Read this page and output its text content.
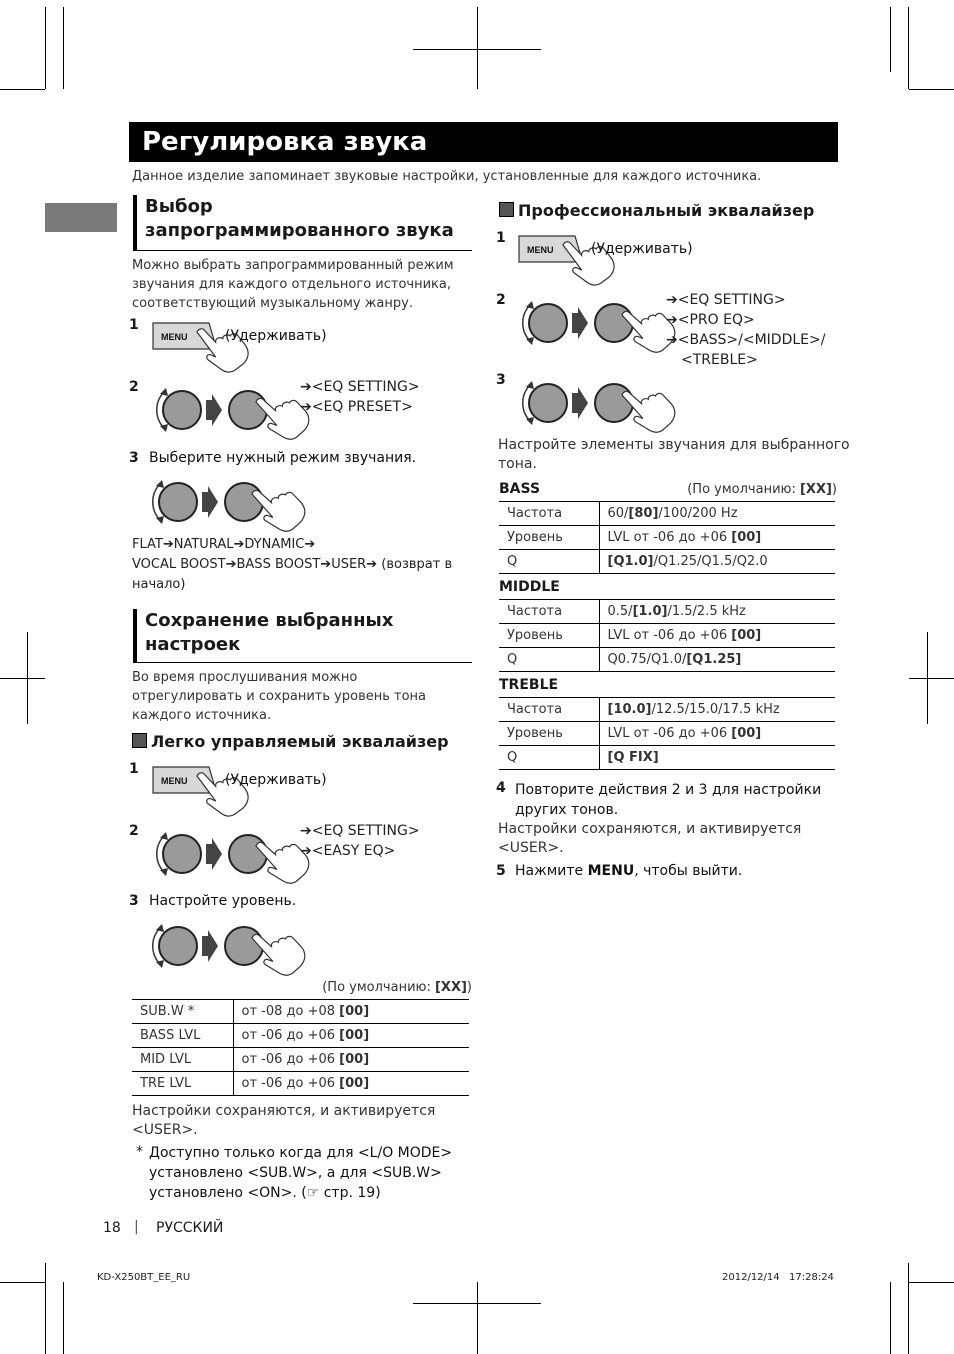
Регулировка звука
Данное изделие запоминает звуковые настройки, установленные для каждого источника.
Выбор
запрограммированного звука
Можно выбрать запрограммированный режим
звучания для каждого отдельного источника,
соответствующий музыкальному жанру.
1
MENU	(Удерживать)
2	➔<EQ SETTING>
➔<EQ PRESET>
3 Выберите нужный режим звучания.
FLAT➔NATURAL➔DYNAMIC➔
VOCAL BOOST➔BASS BOOST➔USER➔ (возврат в
начало)
Сохранение выбранных
настроек
Во время прослушивания можно
отрегулировать и сохранить уровень тона
каждого источника.
Легко управляемый эквалайзер
1
MENU	(Удерживать)
2	➔<EQ SETTING>
➔<EASY EQ>
3 Настройте уровень.
(По умолчанию: [XX])
SUB.W *	от -08 до +08 [00]
BASS LVL	от -06 до +06 [00]
MID LVL	от -06 до +06 [00]
TRE LVL	от -06 до +06 [00]
Настройки сохраняются, и активируется
<USER>.
* Доступно только когда для <L/O MODE>
установлено <SUB.W>, а для <SUB.W>
установлено <ON>. (☞ стр. 19)
Профессиональный эквалайзер
1
MENU	(Удерживать)
2	➔<EQ SETTING>
➔<PRO EQ>
➔<BASS>/<MIDDLE>/
<TREBLE>
3
Настройте элементы звучания для выбранного
тона.
BASS	(По умолчанию: [XX])
Частота	60/[80]/100/200 Hz
Уровень	LVL от -06 до +06 [00]
Q	[Q1.0]/Q1.25/Q1.5/Q2.0
MIDDLE
Частота	0.5/[1.0]/1.5/2.5 kHz
Уровень	LVL от -06 до +06 [00]
Q	Q0.75/Q1.0/[Q1.25]
TREBLE
Частота	[10.0]/12.5/15.0/17.5 kHz
Уровень	LVL от -06 до +06 [00]
Q	[Q FIX]
4 Повторите действия 2 и 3 для настройки
других тонов.
Настройки сохраняются, и активируется
<USER>.
5 Нажмите MENU, чтобы выйти.
18 | РУССКИЙ
KD-X250BT_EE_RU	2012/12/14 17:28:24
